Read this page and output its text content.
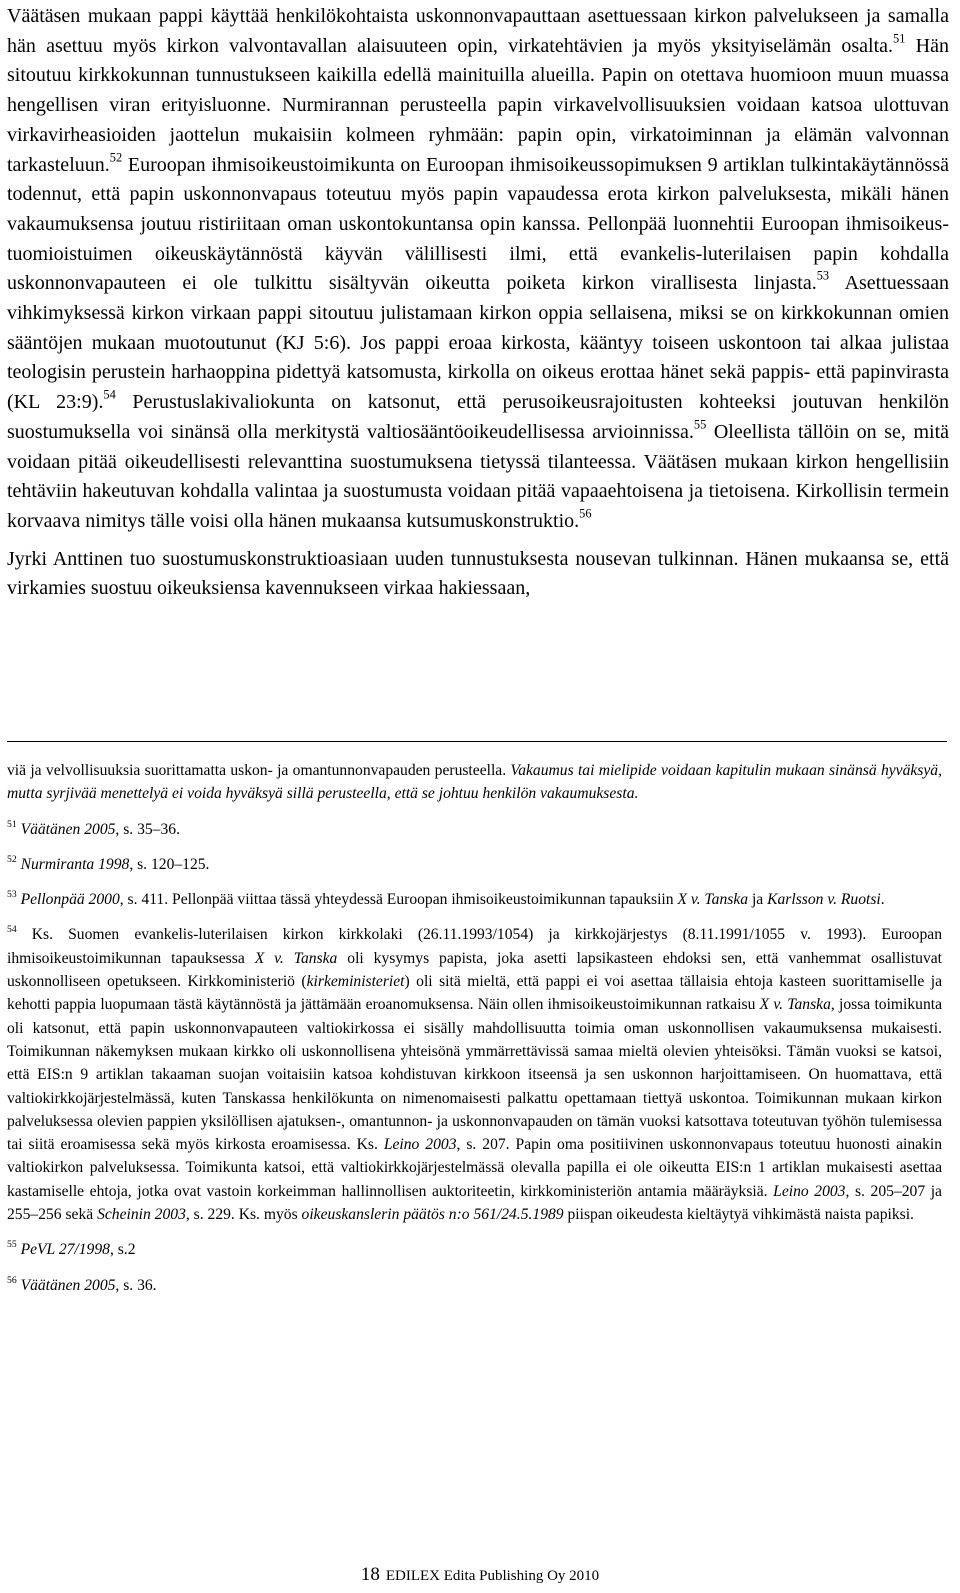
Väätäsen mukaan pappi käyttää henkilökohtaista uskonnonvapauttaan asettuessaan kirkon palvelukseen ja samalla hän asettuu myös kirkon valvontavallan alaisuuteen opin, virkatehtävien ja myös yksityiselämän osalta.$^{51}$ Hän sitoutuu kirkkokunnan tunnustukseen kaikilla edellä mainituilla alueilla. Papin on otettava huomioon muun muassa hengellisen viran erityisluonne. Nurmirannan perusteella papin virkavelvollisuuksien voidaan katsoa ulottuvan virkavirheasioiden jaottelun mukaisiin kolmeen ryhmään: papin opin, virkatoiminnan ja elämän valvonnan tarkasteluun.$^{52}$ Euroopan ihmisoikeustoimikunta on Euroopan ihmisoikeussopimuksen 9 artiklan tulkintakäytännössä todennut, että papin uskonnonvapaus toteutuu myös papin vapaudessa erota kirkon palveluksesta, mikäli hänen vakaumuksensa joutuu ristiriitaan oman uskontokuntansa opin kanssa. Pellonpää luonnehtii Euroopan ihmisoikeustuomioistuimen oikeuskäytännöstä käyvän välillisesti ilmi, että evankelis-luterilaisen papin kohdalla uskonnonvapauteen ei ole tulkittu sisältyvän oikeutta poiketa kirkon virallisesta linjasta.$^{53}$ Asettuessaan vihkimyksessä kirkon virkaan pappi sitoutuu julistamaan kirkon oppia sellaisena, miksi se on kirkkokunnan omien sääntöjen mukaan muotoutunut (KJ 5:6). Jos pappi eroaa kirkosta, kääntyy toiseen uskontoon tai alkaa julistaa teologisin perustein harhaoppina pidettyä katsomusta, kirkolla on oikeus erottaa hänet sekä pappis- että papinvirasta (KL 23:9).$^{54}$ Perustuslakivaliokunta on katsonut, että perusoikeusrajoitusten kohteeksi joutuvan henkilön suostumuksella voi sinänsä olla merkitystä valtiosääntöoikeudellisessa arvioinnissa.$^{55}$ Oleellista tällöin on se, mitä voidaan pitää oikeudellisesti relevanttina suostumuksena tietyssä tilanteessa. Väätäsen mukaan kirkon hengellisiin tehtäviin hakeutuvan kohdalla valintaa ja suostumusta voidaan pitää vapaaehtoisena ja tietoisena. Kirkollisin termein korvaava nimitys tälle voisi olla hänen mukaansa kutsumuskonstruktio.$^{56}$

Jyrki Anttinen tuo suostumuskonstruktioasiaan uuden tunnustuksesta nousevan tulkinnan. Hänen mukaansa se, että virkamies suostuu oikeuksiensa kavennukseen virkaa hakiessaan,

viä ja velvollisuuksia suorittamatta uskon- ja omantunnonvapauden perusteella. Vakaumus tai mielipide voidaan kapitulin mukaan sinänsä hyväksyä, mutta syrjivää menettelyä ei voida hyväksyä sillä perusteella, että se johtuu henkilön vakaumuksesta.

$^{51}$ Väätänen 2005, s. 35–36.

$^{52}$ Nurmiranta 1998, s. 120–125.

$^{53}$ Pellonpää 2000, s. 411. Pellonpää viittaa tässä yhteydessä Euroopan ihmisoikeustoimikunnan tapauksiin X v. Tanska ja Karlsson v. Ruotsi.

$^{54}$ Ks. Suomen evankelis-luterilaisen kirkon kirkkolaki (26.11.1993/1054) ja kirkkojärjestys (8.11.1991/1055 v. 1993). Euroopan ihmisoikeustoimikunnan tapauksessa X v. Tanska oli kysymys papista, joka asetti lapsikasteen ehdoksi sen, että vanhemmat osallistuvat uskonnolliseen opetukseen. Kirkkoministeriö (kirkeministeriet) oli sitä mieltä, että pappi ei voi asettaa tällaisia ehtoja kasteen suorittamiselle ja kehotti pappia luopumaan tästä käytännöstä ja jättämään eroanomuksensa. Näin ollen ihmisoikeustoimikunnan ratkaisu X v. Tanska, jossa toimikunta oli katsonut, että papin uskonnonvapauteen valtiokirkossa ei sisälly mahdollisuutta toimia oman uskonnollisen vakaumuksensa mukaisesti. Toimikunnan näkemyksen mukaan kirkko oli uskonnollisena yhteisönä ymmärrettävissä samaa mieltä olevien yhteisöksi. Tämän vuoksi se katsoi, että EIS:n 9 artiklan takaaman suojan voitaisiin katsoa kohdistuvan kirkkoon itseensä ja sen uskonnon harjoittamiseen. On huomattava, että valtiokirkkojärjestelmässä, kuten Tanskassa henkilökunta on nimenomaisesti palkattu opettamaan tiettyä uskontoa. Toimikunnan mukaan kirkon palveluksessa olevien pappien yksilöllisen ajatuksen-, omantunnon- ja uskonnonvapauden on tämän vuoksi katsottava toteutuvan työhön tulemisessa tai siitä eroamisessa sekä myös kirkosta eroamisessa. Ks. Leino 2003, s. 207. Papin oma positiivinen uskonnonvapaus toteutuu huonosti ainakin valtiokirkon palveluksessa. Toimikunta katsoi, että valtiokirkkojärjestelmässä olevalla papilla ei ole oikeutta EIS:n 1 artiklan mukaisesti asettaa kastamiselle ehtoja, jotka ovat vastoin korkeimman hallinnollisen auktoriteetin, kirkkoministeriön antamia määräyksiä. Leino 2003, s. 205–207 ja 255–256 sekä Scheinin 2003, s. 229. Ks. myös oikeuskanslerin päätös n:o 561/24.5.1989 piispan oikeudesta kieltäytyä vihkimästä naista papiksi.

$^{55}$ PeVL 27/1998, s.2

$^{56}$ Väätänen 2005, s. 36.

18 EDILEX Edita Publishing Oy 2010
